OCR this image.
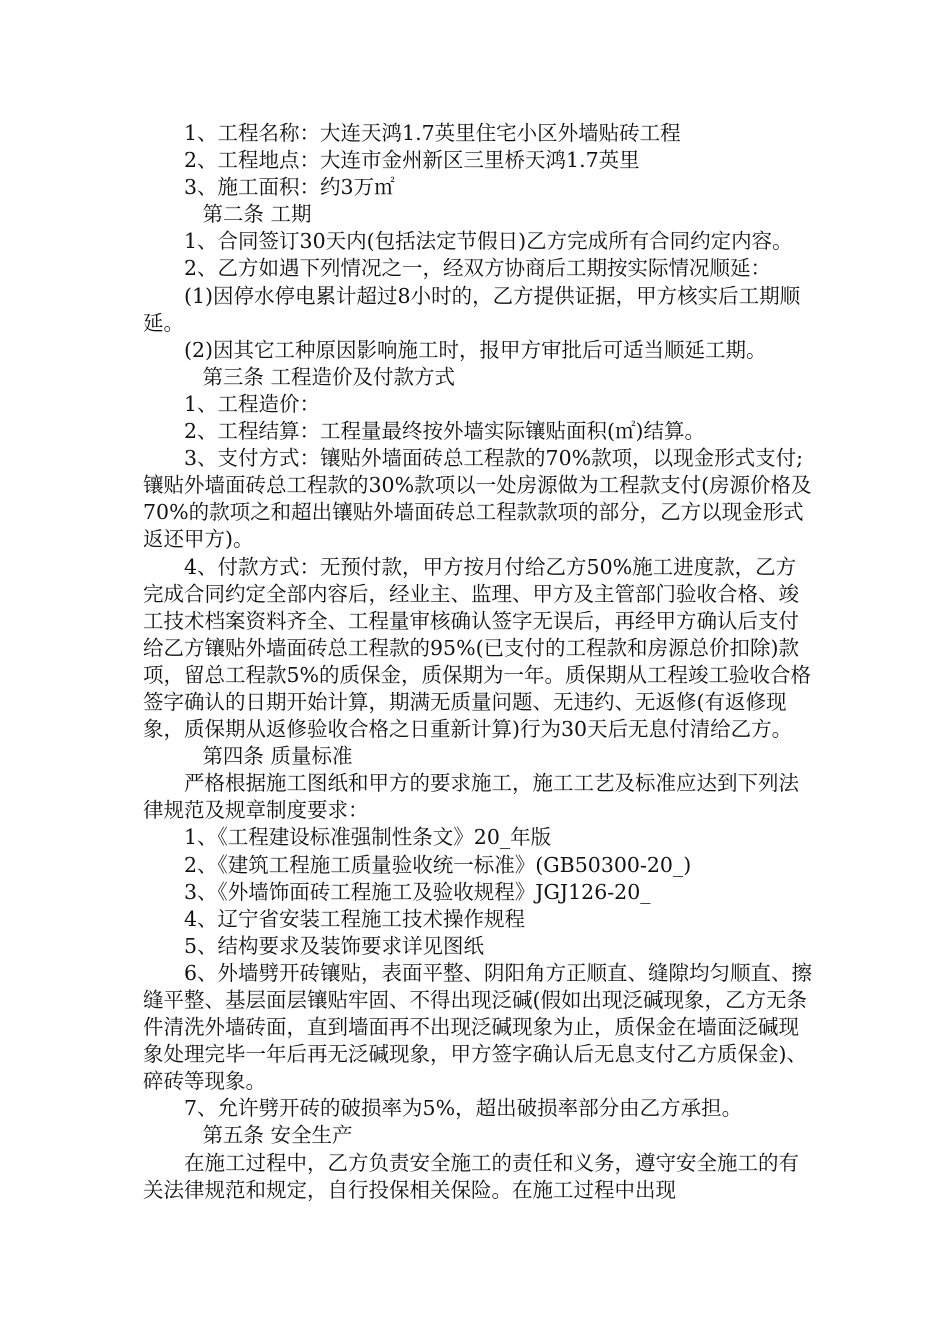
1、工程名称：大连天鸿1.7英里住宅小区外墙贴砖工程

2、工程地点：大连市金州新区三里桥天鸿1.7英里

3、施工面积：约3万㎡

第二条 工期

1、合同签订30天内(包括法定节假日)乙方完成所有合同约定内容。

2、乙方如遇下列情况之一，经双方协商后工期按实际情况顺延：

(1)因停水停电累计超过8小时的，乙方提供证据，甲方核实后工期顺延。

(2)因其它工种原因影响施工时，报甲方审批后可适当顺延工期。

第三条 工程造价及付款方式

1、工程造价：

2、工程结算：工程量最终按外墙实际镶贴面积(㎡)结算。

3、支付方式：镶贴外墙面砖总工程款的70%款项，以现金形式支付;镶贴外墙面砖总工程款的30%款项以一处房源做为工程款支付(房源价格及70%的款项之和超出镶贴外墙面砖总工程款款项的部分，乙方以现金形式返还甲方)。

4、付款方式：无预付款，甲方按月付给乙方50%施工进度款，乙方完成合同约定全部内容后，经业主、监理、甲方及主管部门验收合格、竣工技术档案资料齐全、工程量审核确认签字无误后，再经甲方确认后支付给乙方镶贴外墙面砖总工程款的95%(已支付的工程款和房源总价扣除)款项，留总工程款5%的质保金，质保期为一年。质保期从工程竣工验收合格签字确认的日期开始计算，期满无质量问题、无违约、无返修(有返修现象，质保期从返修验收合格之日重新计算)行为30天后无息付清给乙方。

第四条 质量标准

严格根据施工图纸和甲方的要求施工，施工工艺及标准应达到下列法律规范及规章制度要求：

1、《工程建设标准强制性条文》20_年版

2、《建筑工程施工质量验收统一标准》(GB50300-20_)

3、《外墙饰面砖工程施工及验收规程》JGJ126-20_

4、辽宁省安装工程施工技术操作规程

5、结构要求及装饰要求详见图纸

6、外墙劈开砖镶贴，表面平整、阴阳角方正顺直、缝隙均匀顺直、擦缝平整、基层面层镶贴牢固、不得出现泛碱(假如出现泛碱现象，乙方无条件清洗外墙砖面，直到墙面再不出现泛碱现象为止，质保金在墙面泛碱现象处理完毕一年后再无泛碱现象，甲方签字确认后无息支付乙方质保金)、碎砖等现象。

7、允许劈开砖的破损率为5%，超出破损率部分由乙方承担。

第五条 安全生产

在施工过程中，乙方负责安全施工的责任和义务，遵守安全施工的有关法律规范和规定，自行投保相关保险。在施工过程中出现
